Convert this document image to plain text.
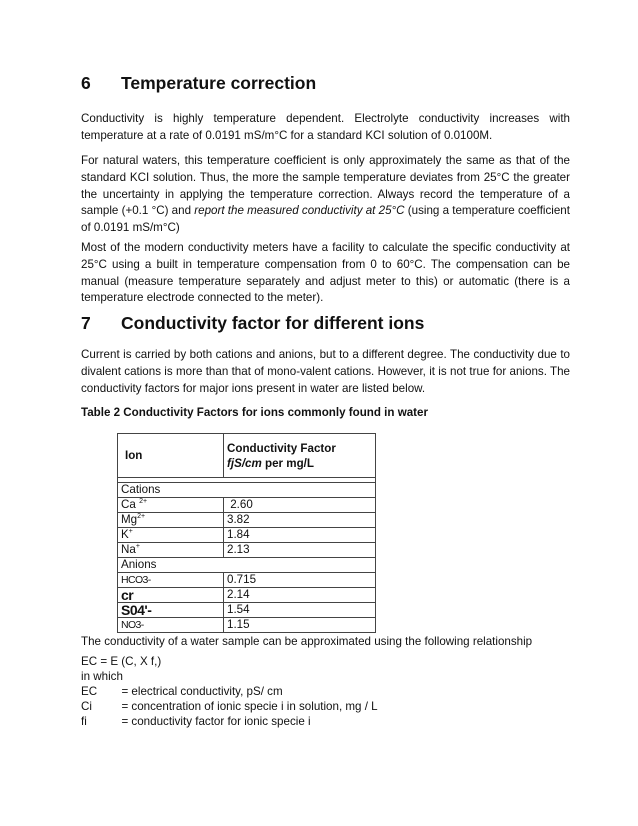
6 Temperature correction

Conductivity is highly temperature dependent. Electrolyte conductivity increases with temperature at a rate of 0.0191 mS/m°C for a standard KCI solution of 0.0100M.

For natural waters, this temperature coefficient is only approximately the same as that of the standard KCI solution. Thus, the more the sample temperature deviates from 25°C the greater the uncertainty in applying the temperature correction. Always record the temperature of a sample (+0.1 °C) and report the measured conductivity at 25°C (using a temperature coefficient of 0.0191 mS/m°C)

Most of the modern conductivity meters have a facility to calculate the specific conductivity at 25°C using a built in temperature compensation from 0 to 60°C. The compensation can be manual (measure temperature separately and adjust meter to this) or automatic (there is a temperature electrode connected to the meter).

7 Conductivity factor for different ions

Current is carried by both cations and anions, but to a different degree. The conductivity due to divalent cations is more than that of mono-valent cations. However, it is not true for anions. The conductivity factors for major ions present in water are listed below.

Table 2 Conductivity Factors for ions commonly found in water

Ion	Conductivity Factor
fjS/cm per mg/L

Cations	
Ca $^{2+}$	2.60
$Mg^{2+}$	3.82
K+	1.84
Na+	2.13
Anions	
HCO3-	0.715
cr	2.14
S04'-	1.54
NO3-	1.15

The conductivity of a water sample can be approximated using the following relationship

EC = E (C, X f,)

in which

EC  = electrical conductivity, pS/ cm

Ci  = concentration of ionic specie i in solution, mg / L

fi  = conductivity factor for ionic specie i
